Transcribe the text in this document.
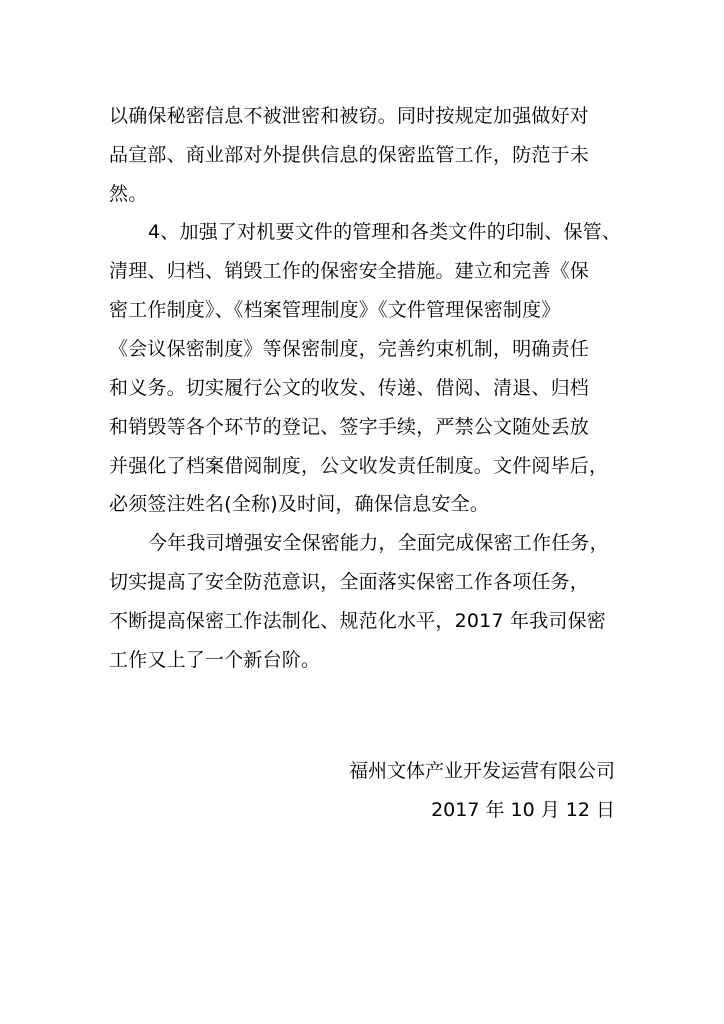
以确保秘密信息不被泄密和被窃。同时按规定加强做好对
品宣部、商业部对外提供信息的保密监管工作，防范于未
然。
4、加强了对机要文件的管理和各类文件的印制、保管、
清理、归档、销毁工作的保密安全措施。建立和完善《保
密工作制度》、《档案管理制度》《文件管理保密制度》
《会议保密制度》等保密制度，完善约束机制，明确责任
和义务。切实履行公文的收发、传递、借阅、清退、归档
和销毁等各个环节的登记、签字手续，严禁公文随处丢放
并强化了档案借阅制度，公文收发责任制度。文件阅毕后，
必须签注姓名(全称)及时间，确保信息安全。
今年我司增强安全保密能力，全面完成保密工作任务，
切实提高了安全防范意识，全面落实保密工作各项任务，
不断提高保密工作法制化、规范化水平，2017 年我司保密
工作又上了一个新台阶。
福州文体产业开发运营有限公司
2017 年 10 月 12 日
